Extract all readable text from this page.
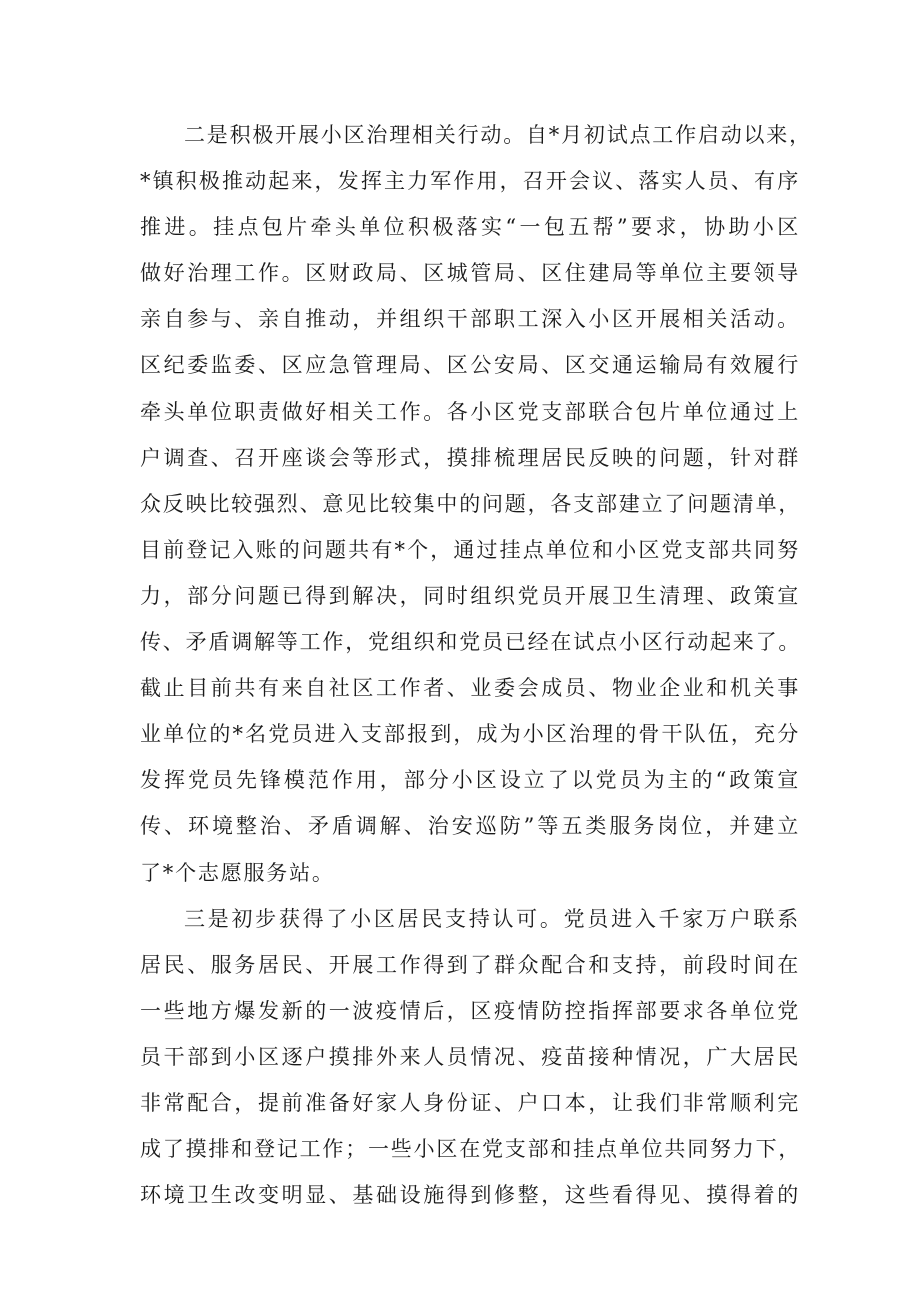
二是积极开展小区治理相关行动。自*月初试点工作启动以来，
*镇积极推动起来，发挥主力军作用，召开会议、落实人员、有序
推进。挂点包片牵头单位积极落实“一包五帮”要求，协助小区
做好治理工作。区财政局、区城管局、区住建局等单位主要领导
亲自参与、亲自推动，并组织干部职工深入小区开展相关活动。
区纪委监委、区应急管理局、区公安局、区交通运输局有效履行
牵头单位职责做好相关工作。各小区党支部联合包片单位通过上
户调查、召开座谈会等形式，摸排梳理居民反映的问题，针对群
众反映比较强烈、意见比较集中的问题，各支部建立了问题清单，
目前登记入账的问题共有*个，通过挂点单位和小区党支部共同努
力，部分问题已得到解决，同时组织党员开展卫生清理、政策宣
传、矛盾调解等工作，党组织和党员已经在试点小区行动起来了。
截止目前共有来自社区工作者、业委会成员、物业企业和机关事
业单位的*名党员进入支部报到，成为小区治理的骨干队伍，充分
发挥党员先锋模范作用，部分小区设立了以党员为主的“政策宣
传、环境整治、矛盾调解、治安巡防”等五类服务岗位，并建立
了*个志愿服务站。

三是初步获得了小区居民支持认可。党员进入千家万户联系
居民、服务居民、开展工作得到了群众配合和支持，前段时间在
一些地方爆发新的一波疫情后，区疫情防控指挥部要求各单位党
员干部到小区逐户摸排外来人员情况、疫苗接种情况，广大居民
非常配合，提前准备好家人身份证、户口本，让我们非常顺利完
成了摸排和登记工作；一些小区在党支部和挂点单位共同努力下，
环境卫生改变明显、基础设施得到修整，这些看得见、摸得着的
